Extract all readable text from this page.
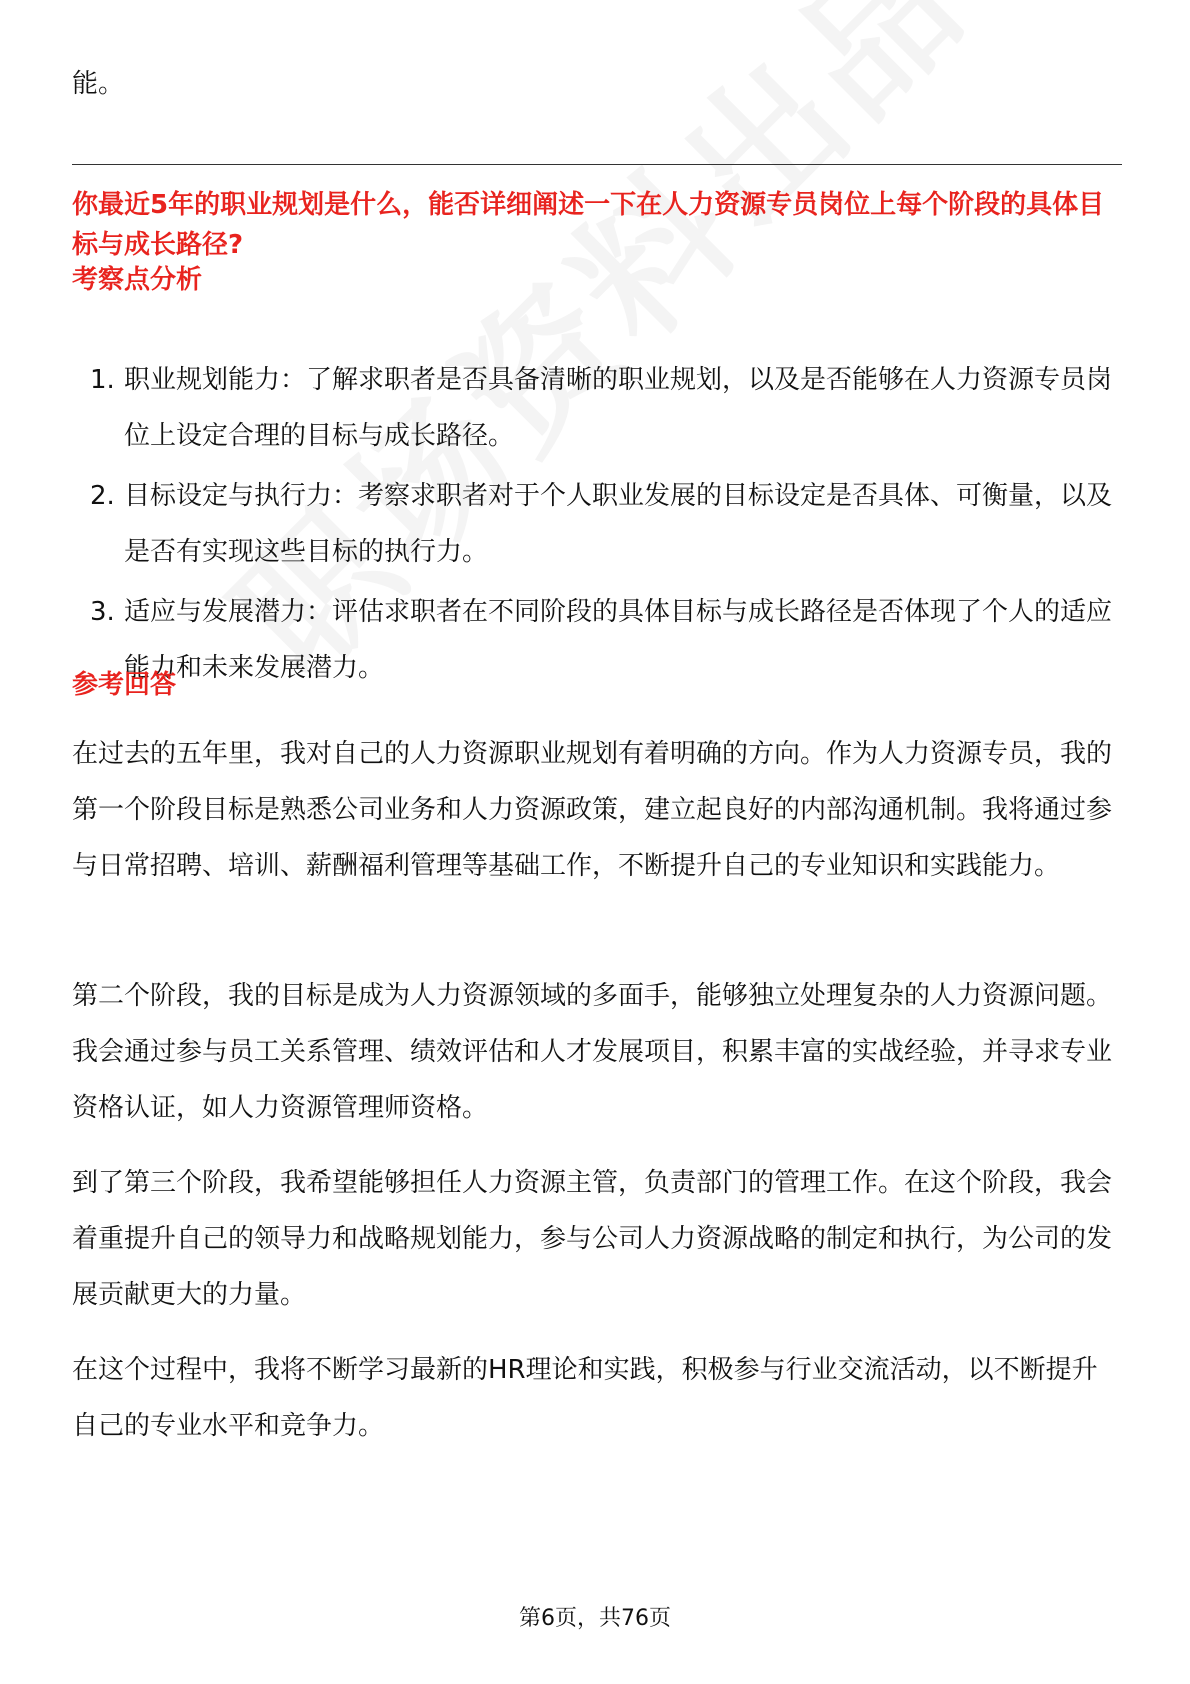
能。
你最近5年的职业规划是什么，能否详细阐述一下在人力资源专员岗位上每个阶段的具体目标与成长路径?
考察点分析
1. 职业规划能力：了解求职者是否具备清晰的职业规划，以及是否能够在人力资源专员岗位上设定合理的目标与成长路径。
2. 目标设定与执行力：考察求职者对于个人职业发展的目标设定是否具体、可衡量，以及是否有实现这些目标的执行力。
3. 适应与发展潜力：评估求职者在不同阶段的具体目标与成长路径是否体现了个人的适应能力和未来发展潜力。
参考回答

在过去的五年里，我对自己的人力资源职业规划有着明确的方向。作为人力资源专员，我的第一个阶段目标是熟悉公司业务和人力资源政策，建立起良好的内部沟通机制。我将通过参与日常招聘、培训、薪酬福利管理等基础工作，不断提升自己的专业知识和实践能力。

第二个阶段，我的目标是成为人力资源领域的多面手，能够独立处理复杂的人力资源问题。我会通过参与员工关系管理、绩效评估和人才发展项目，积累丰富的实战经验，并寻求专业资格认证，如人力资源管理师资格。

到了第三个阶段，我希望能够担任人力资源主管，负责部门的管理工作。在这个阶段，我会着重提升自己的领导力和战略规划能力，参与公司人力资源战略的制定和执行，为公司的发展贡献更大的力量。

在这个过程中，我将不断学习最新的HR理论和实践，积极参与行业交流活动，以不断提升自己的专业水平和竞争力。

第6页，共76页
